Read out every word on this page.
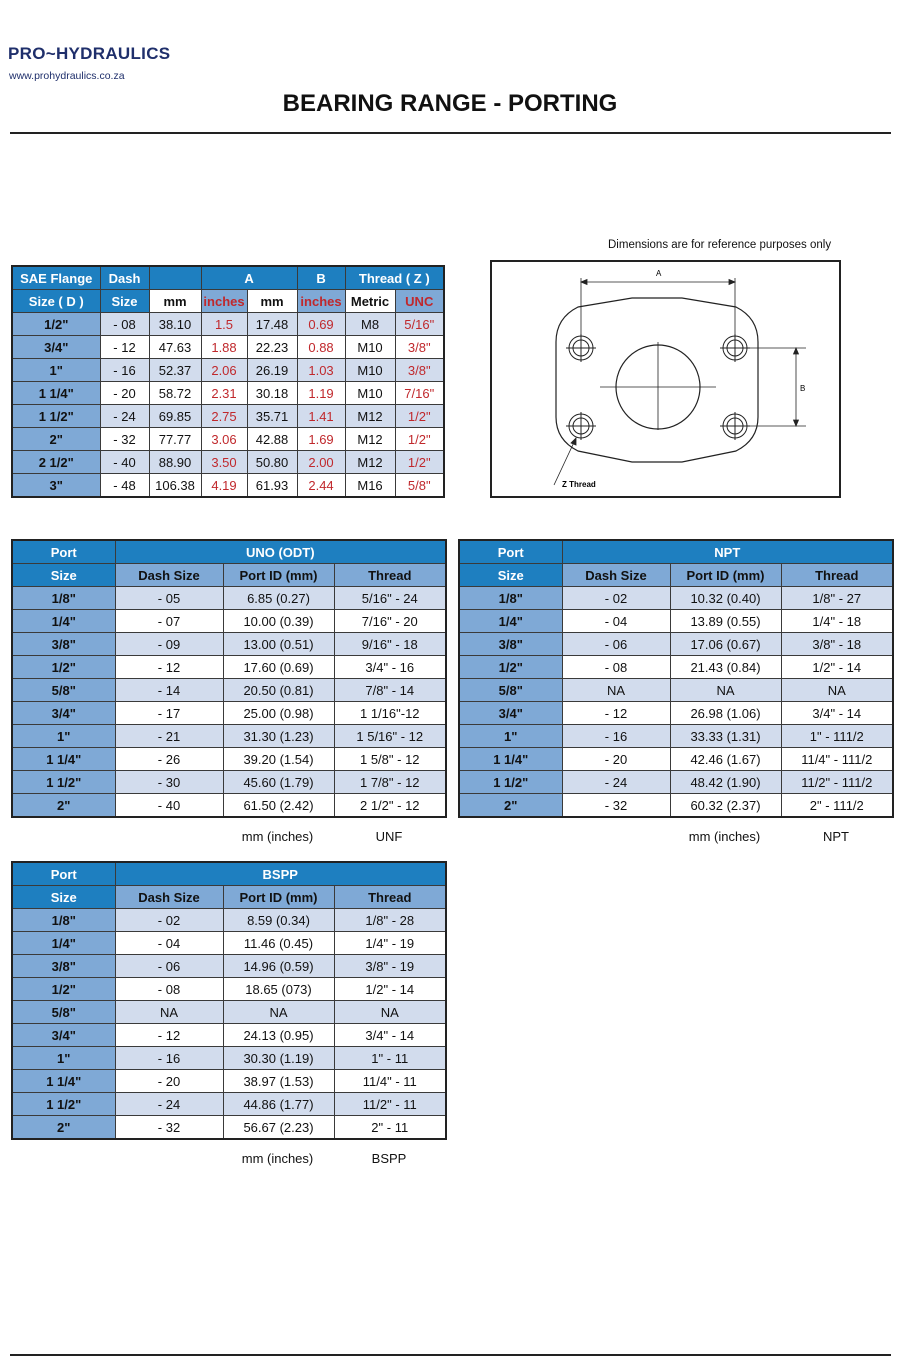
PRO~HYDRAULICS
www.prohydraulics.co.za
BEARING RANGE - PORTING
Dimensions are for reference purposes only
SAE Flange	Dash		A		B	Thread ( Z )	
Size ( D )	Size	mm	inches	mm	inches	Metric	UNC
1/2"	- 08	38.10	1.5	17.48	0.69	M8	5/16"
3/4"	- 12	47.63	1.88	22.23	0.88	M10	3/8"
1"	- 16	52.37	2.06	26.19	1.03	M10	3/8"
1 1/4"	- 20	58.72	2.31	30.18	1.19	M10	7/16"
1 1/2"	- 24	69.85	2.75	35.71	1.41	M12	1/2"
2"	- 32	77.77	3.06	42.88	1.69	M12	1/2"
2 1/2"	- 40	88.90	3.50	50.80	2.00	M12	1/2"
3"	- 48	106.38	4.19	61.93	2.44	M16	5/8"
A
B
Z Thread
Port	UNO (ODT)		
Size	Dash Size	Port ID (mm)	Thread
1/8"	- 05	6.85 (0.27)	5/16" - 24
1/4"	- 07	10.00 (0.39)	7/16" - 20
3/8"	- 09	13.00 (0.51)	9/16" - 18
1/2"	- 12	17.60 (0.69)	3/4" - 16
5/8"	- 14	20.50 (0.81)	7/8" - 14
3/4"	- 17	25.00 (0.98)	1 1/16"-12
1"	- 21	31.30 (1.23)	1 5/16" - 12
1 1/4"	- 26	39.20 (1.54)	1 5/8" - 12
1 1/2"	- 30	45.60 (1.79)	1 7/8" - 12
2"	- 40	61.50 (2.42)	2 1/2" - 12
mm (inches)	UNF
Port	NPT		
Size	Dash Size	Port ID (mm)	Thread
1/8"	- 02	10.32 (0.40)	1/8" - 27
1/4"	- 04	13.89 (0.55)	1/4" - 18
3/8"	- 06	17.06 (0.67)	3/8" - 18
1/2"	- 08	21.43 (0.84)	1/2" - 14
5/8"	NA	NA	NA
3/4"	- 12	26.98 (1.06)	3/4" - 14
1"	- 16	33.33 (1.31)	1" - 111/2
1 1/4"	- 20	42.46 (1.67)	11/4" - 111/2
1 1/2"	- 24	48.42 (1.90)	11/2" - 111/2
2"	- 32	60.32 (2.37)	2" - 111/2
mm (inches)	NPT
Port	BSPP		
Size	Dash Size	Port ID (mm)	Thread
1/8"	- 02	8.59 (0.34)	1/8" - 28
1/4"	- 04	11.46 (0.45)	1/4" - 19
3/8"	- 06	14.96 (0.59)	3/8" - 19
1/2"	- 08	18.65 (073)	1/2" - 14
5/8"	NA	NA	NA
3/4"	- 12	24.13 (0.95)	3/4" - 14
1"	- 16	30.30 (1.19)	1" - 11
1 1/4"	- 20	38.97 (1.53)	11/4" - 11
1 1/2"	- 24	44.86 (1.77)	11/2" - 11
2"	- 32	56.67 (2.23)	2" - 11
mm (inches)	BSPP
